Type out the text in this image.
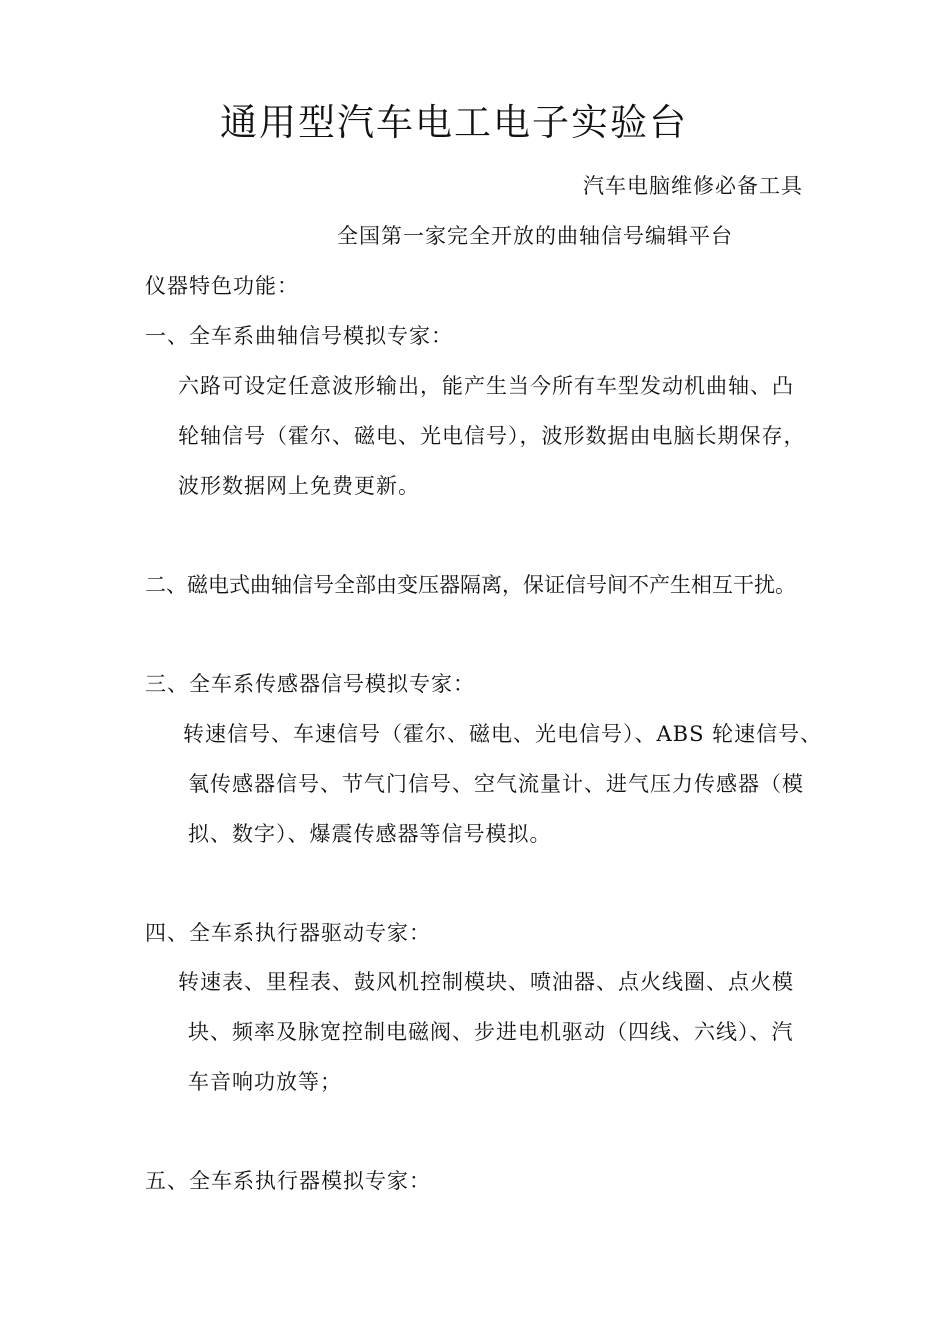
通用型汽车电工电子实验台
汽车电脑维修必备工具
全国第一家完全开放的曲轴信号编辑平台
仪器特色功能：
一、全车系曲轴信号模拟专家：
六路可设定任意波形输出，能产生当今所有车型发动机曲轴、凸
轮轴信号（霍尔、磁电、光电信号），波形数据由电脑长期保存，
波形数据网上免费更新。
二、磁电式曲轴信号全部由变压器隔离，保证信号间不产生相互干扰。
三、全车系传感器信号模拟专家：
转速信号、车速信号（霍尔、磁电、光电信号）、ABS 轮速信号、
氧传感器信号、节气门信号、空气流量计、进气压力传感器（模
拟、数字）、爆震传感器等信号模拟。
四、全车系执行器驱动专家：
转速表、里程表、鼓风机控制模块、喷油器、点火线圈、点火模
块、频率及脉宽控制电磁阀、步进电机驱动（四线、六线）、汽
车音响功放等；
五、全车系执行器模拟专家：
